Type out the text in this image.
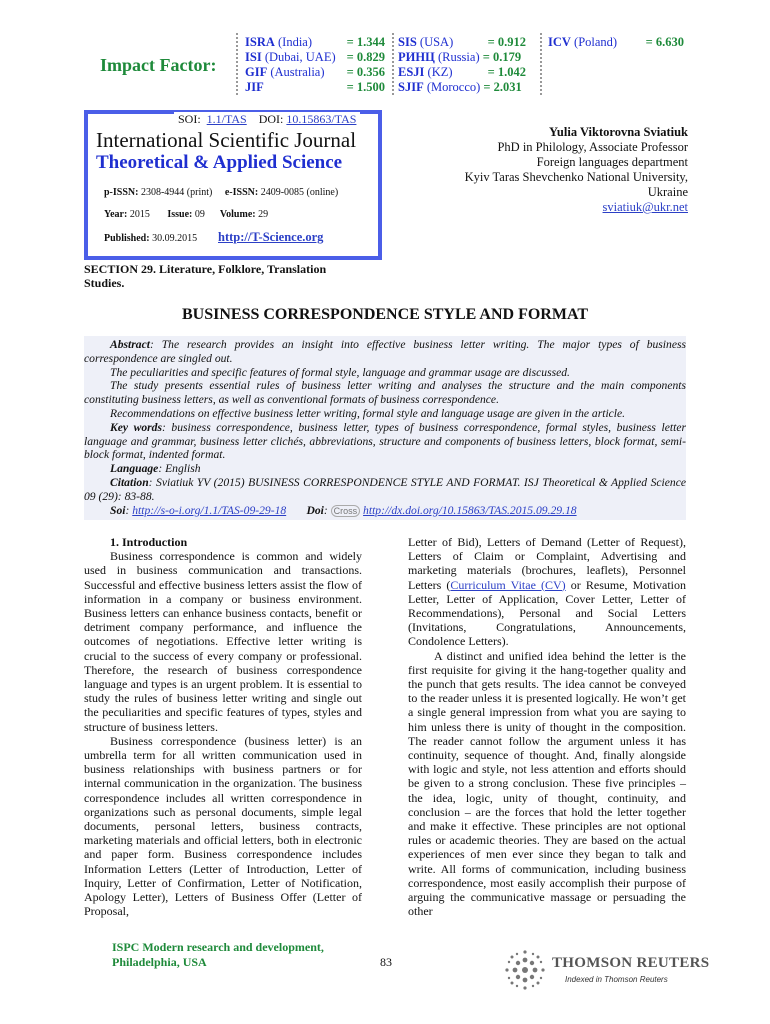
Impact Factor:
ISRA (India)	= 1.344
ISI (Dubai, UAE) = 0.829
GIF (Australia) = 0.356
JIF	= 1.500
SIS (USA)	= 0.912
РИНЦ (Russia) = 0.179
ESJI (KZ)	= 1.042
SJIF (Morocco) = 2.031
ICV (Poland) = 6.630
SOI: 1.1/TAS DOI: 10.15863/TAS
International Scientific Journal
Theoretical & Applied Science
p-ISSN: 2308-4944 (print) e-ISSN: 2409-0085 (online)
Year: 2015 Issue: 09 Volume: 29
Published: 30.09.2015 http://T-Science.org
Yulia Viktorovna Sviatiuk
PhD in Philology, Associate Professor
Foreign languages department
Kyiv Taras Shevchenko National University,
Ukraine
sviatiuk@ukr.net
SECTION 29. Literature, Folklore, Translation
Studies.
BUSINESS CORRESPONDENCE STYLE AND FORMAT

Abstract: The research provides an insight into effective business letter writing. The major types of business correspondence are singled out.

The peculiarities and specific features of formal style, language and grammar usage are discussed.

The study presents essential rules of business letter writing and analyses the structure and the main components constituting business letters, as well as conventional formats of business correspondence.

Recommendations on effective business letter writing, formal style and language usage are given in the article.

Key words: business correspondence, business letter, types of business correspondence, formal styles, business letter language and grammar, business letter clichés, abbreviations, structure and components of business letters, block format, semi-block format, indented format.

Language: English

Citation: Sviatiuk YV (2015) BUSINESS CORRESPONDENCE STYLE AND FORMAT. ISJ Theoretical & Applied Science 09 (29): 83-88.

Soi: http://s-o-i.org/1.1/TAS-09-29-18 Doi: Cross http://dx.doi.org/10.15863/TAS.2015.09.29.18

1. Introduction

Business correspondence is common and widely used in business communication and transactions. Successful and effective business letters assist the flow of information in a company or business environment. Business letters can enhance business contacts, benefit or detriment company performance, and influence the outcomes of negotiations. Effective letter writing is crucial to the success of every company or professional. Therefore, the research of business correspondence language and types is an urgent problem. It is essential to study the rules of business letter writing and single out the peculiarities and specific features of types, styles and structure of business letters.

Business correspondence (business letter) is an umbrella term for all written communication used in business relationships with business partners or for internal communication in the organization. The business correspondence includes all written correspondence in organizations such as personal documents, simple legal documents, personal letters, business contracts, marketing materials and official letters, both in electronic and paper form. Business correspondence includes Information Letters (Letter of Introduction, Letter of Inquiry, Letter of Confirmation, Letter of Notification, Apology Letter), Letters of Business Offer (Letter of Proposal,

Letter of Bid), Letters of Demand (Letter of Request), Letters of Claim or Complaint, Advertising and marketing materials (brochures, leaflets), Personnel Letters (Curriculum Vitae (CV) or Resume, Motivation Letter, Letter of Application, Cover Letter, Letter of Recommendations), Personal and Social Letters (Invitations, Congratulations, Announcements, Condolence Letters).

A distinct and unified idea behind the letter is the first requisite for giving it the hang-together quality and the punch that gets results. The idea cannot be conveyed to the reader unless it is presented logically. He won’t get a single general impression from what you are saying to him unless there is unity of thought in the composition. The reader cannot follow the argument unless it has continuity, sequence of thought. And, finally alongside with logic and style, not less attention and efforts should be given to a strong conclusion. These five principles – the idea, logic, unity of thought, continuity, and conclusion – are the forces that hold the letter together and make it effective. These principles are not optional rules or academic theories. They are based on the actual experiences of men ever since they began to talk and write. All forms of communication, including business correspondence, most easily accomplish their purpose of arguing the communicative massage or persuading the other

ISPC Modern research and development,
Philadelphia, USA	83	THOMSON REUTERS
Indexed in Thomson Reuters
